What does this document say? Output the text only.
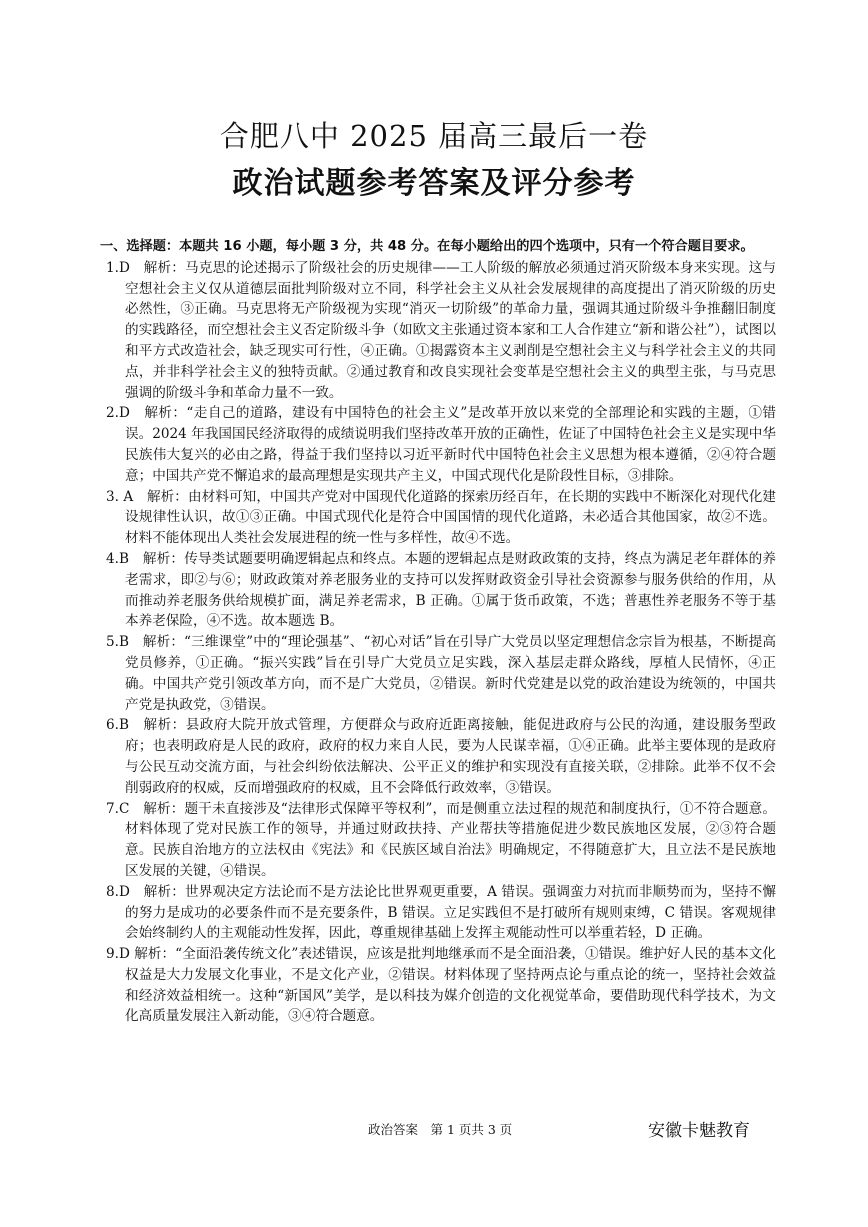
合肥八中 2025 届高三最后一卷
政治试题参考答案及评分参考
一、选择题：本题共 16 小题，每小题 3 分，共 48 分。在每小题给出的四个选项中，只有一个符合题目要求。
1.D　解析：马克思的论述揭示了阶级社会的历史规律——工人阶级的解放必须通过消灭阶级本身来实现。这与空想社会主义仅从道德层面批判阶级对立不同，科学社会主义从社会发展规律的高度提出了消灭阶级的历史必然性，③正确。马克思将无产阶级视为实现“消灭一切阶级”的革命力量，强调其通过阶级斗争推翻旧制度的实践路径，而空想社会主义否定阶级斗争（如欧文主张通过资本家和工人合作建立“新和谐公社”），试图以和平方式改造社会，缺乏现实可行性，④正确。①揭露资本主义剥削是空想社会主义与科学社会主义的共同点，并非科学社会主义的独特贡献。②通过教育和改良实现社会变革是空想社会主义的典型主张，与马克思强调的阶级斗争和革命力量不一致。
2.D　解析：“走自己的道路，建设有中国特色的社会主义”是改革开放以来党的全部理论和实践的主题，①错误。2024 年我国国民经济取得的成绩说明我们坚持改革开放的正确性，佐证了中国特色社会主义是实现中华民族伟大复兴的必由之路，得益于我们坚持以习近平新时代中国特色社会主义思想为根本遵循，②④符合题意；中国共产党不懈追求的最高理想是实现共产主义，中国式现代化是阶段性目标，③排除。
3. A　解析：由材料可知，中国共产党对中国现代化道路的探索历经百年，在长期的实践中不断深化对现代化建设规律性认识，故①③正确。中国式现代化是符合中国国情的现代化道路，未必适合其他国家，故②不选。材料不能体现出人类社会发展进程的统一性与多样性，故④不选。
4.B　解析：传导类试题要明确逻辑起点和终点。本题的逻辑起点是财政政策的支持，终点为满足老年群体的养老需求，即②与⑥；财政政策对养老服务业的支持可以发挥财政资金引导社会资源参与服务供给的作用，从而推动养老服务供给规模扩面，满足养老需求，B 正确。①属于货币政策，不选；普惠性养老服务不等于基本养老保险，④不选。故本题选 B。
5.B　解析：“三维课堂”中的“理论强基”、“初心对话”旨在引导广大党员以坚定理想信念宗旨为根基，不断提高党员修养，①正确。“振兴实践”旨在引导广大党员立足实践，深入基层走群众路线，厚植人民情怀，④正确。中国共产党引领改革方向，而不是广大党员，②错误。新时代党建是以党的政治建设为统领的，中国共产党是执政党，③错误。
6.B　解析：县政府大院开放式管理，方便群众与政府近距离接触，能促进政府与公民的沟通，建设服务型政府；也表明政府是人民的政府，政府的权力来自人民，要为人民谋幸福，①④正确。此举主要体现的是政府与公民互动交流方面，与社会纠纷依法解决、公平正义的维护和实现没有直接关联，②排除。此举不仅不会削弱政府的权威，反而增强政府的权威，且不会降低行政效率，③错误。
7.C　解析：题干未直接涉及“法律形式保障平等权利”，而是侧重立法过程的规范和制度执行，①不符合题意。材料体现了党对民族工作的领导，并通过财政扶持、产业帮扶等措施促进少数民族地区发展，②③符合题意。民族自治地方的立法权由《宪法》和《民族区域自治法》明确规定，不得随意扩大，且立法不是民族地区发展的关键，④错误。
8.D　解析：世界观决定方法论而不是方法论比世界观更重要，A 错误。强调蛮力对抗而非顺势而为，坚持不懈的努力是成功的必要条件而不是充要条件，B 错误。立足实践但不是打破所有规则束缚，C 错误。客观规律会始终制约人的主观能动性发挥，因此，尊重规律基础上发挥主观能动性可以举重若轻，D 正确。
9.D 解析：“全面沿袭传统文化”表述错误，应该是批判地继承而不是全面沿袭，①错误。维护好人民的基本文化权益是大力发展文化事业，不是文化产业，②错误。材料体现了坚持两点论与重点论的统一，坚持社会效益和经济效益相统一。这种“新国风”美学，是以科技为媒介创造的文化视觉革命，要借助现代科学技术，为文化高质量发展注入新动能，③④符合题意。
政治答案　第 1 页共 3 页	安徽卡魅教育
